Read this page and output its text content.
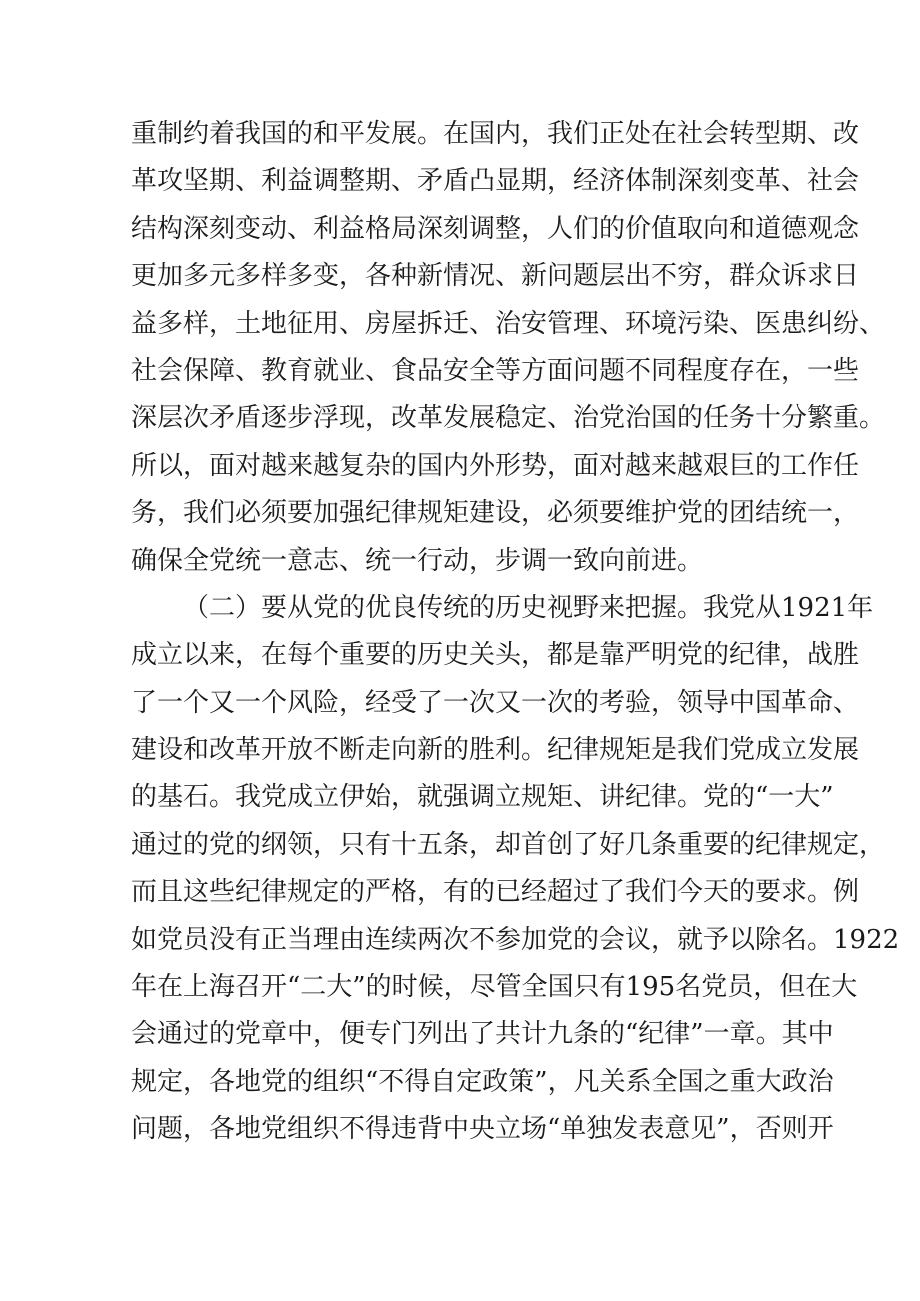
重制约着我国的和平发展。在国内，我们正处在社会转型期、改
革攻坚期、利益调整期、矛盾凸显期，经济体制深刻变革、社会
结构深刻变动、利益格局深刻调整，人们的价值取向和道德观念
更加多元多样多变，各种新情况、新问题层出不穷，群众诉求日
益多样，土地征用、房屋拆迁、治安管理、环境污染、医患纠纷、
社会保障、教育就业、食品安全等方面问题不同程度存在，一些
深层次矛盾逐步浮现，改革发展稳定、治党治国的任务十分繁重。
所以，面对越来越复杂的国内外形势，面对越来越艰巨的工作任
务，我们必须要加强纪律规矩建设，必须要维护党的团结统一，
确保全党统一意志、统一行动，步调一致向前进。
（二）要从党的优良传统的历史视野来把握。我党从1921年
成立以来，在每个重要的历史关头，都是靠严明党的纪律，战胜
了一个又一个风险，经受了一次又一次的考验，领导中国革命、
建设和改革开放不断走向新的胜利。纪律规矩是我们党成立发展
的基石。我党成立伊始，就强调立规矩、讲纪律。党的“一大”
通过的党的纲领，只有十五条，却首创了好几条重要的纪律规定，
而且这些纪律规定的严格，有的已经超过了我们今天的要求。例
如党员没有正当理由连续两次不参加党的会议，就予以除名。1922
年在上海召开“二大”的时候，尽管全国只有195名党员，但在大
会通过的党章中，便专门列出了共计九条的“纪律”一章。其中
规定，各地党的组织“不得自定政策”，凡关系全国之重大政治
问题，各地党组织不得违背中央立场“单独发表意见”，否则开
